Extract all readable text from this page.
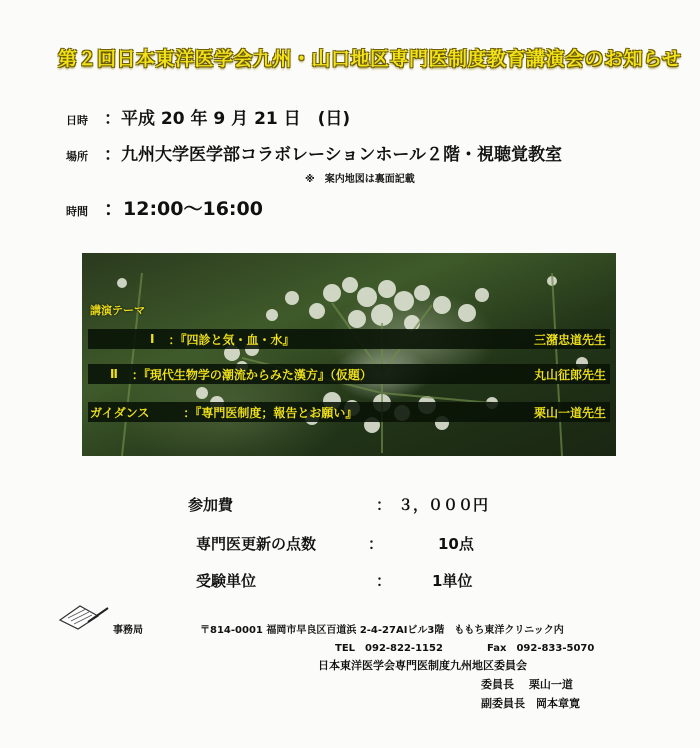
第２回日本東洋医学会九州・山口地区専門医制度教育講演会のお知らせ
日時 ：平成 20 年 9 月 21 日　(日)
場所 ：九州大学医学部コラボレーションホール２階・視聴覚教室
※　案内地図は裏面記載
時間 ：12:00〜16:00
講演テーマ
Ⅰ ：『四診と気・血・水』	三潴忠道先生
Ⅱ ：『現代生物学の潮流からみた漢方』（仮題）	丸山征郎先生
ガイダンス	：『専門医制度；報告とお願い』	栗山一道先生
参加費	： ３，０００円
専門医更新の点数	：	10点
受験単位	：	1単位
事務局	〒814-0001 福岡市早良区百道浜 2-4-27AIビル3階　ももち東洋クリニック内
TEL　092-822-1152	Fax　092-833-5070
日本東洋医学会専門医制度九州地区委員会
委員長　 栗山一道
副委員長　岡本章寛
